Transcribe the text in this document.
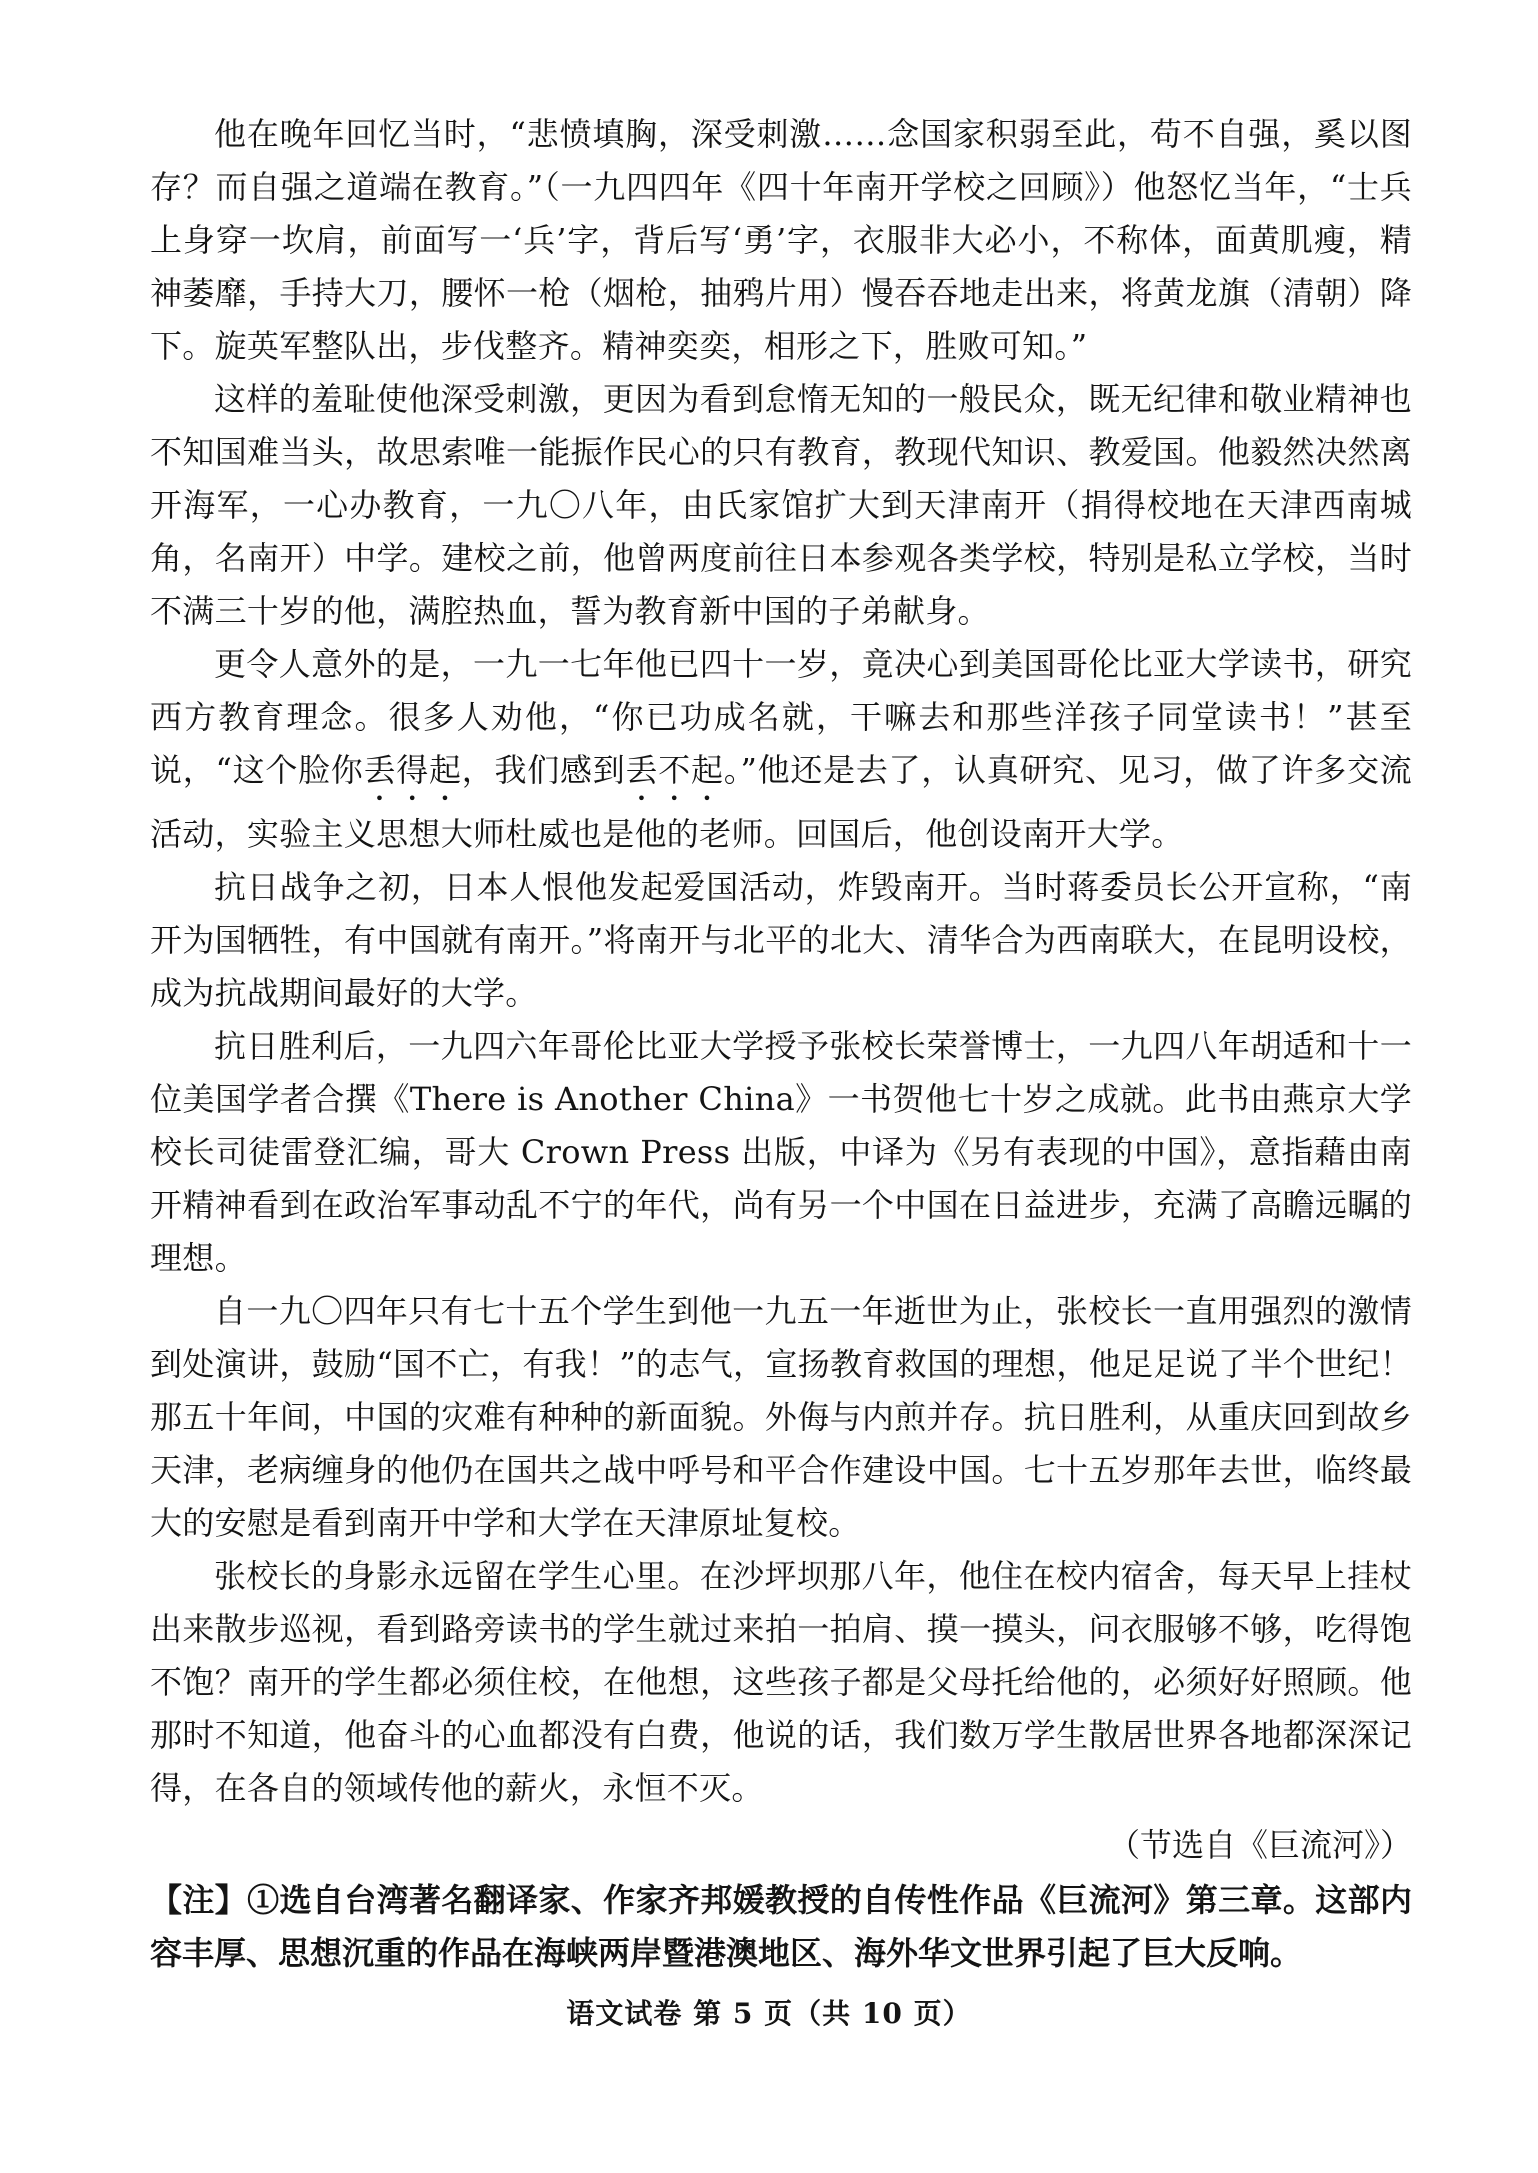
他在晚年回忆当时，“悲愤填胸，深受刺激……念国家积弱至此，苟不自强，奚以图存？而自强之道端在教育。”（一九四四年《四十年南开学校之回顾》）他怒忆当年，“士兵上身穿一坎肩，前面写一‘兵’字，背后写‘勇’字，衣服非大必小，不称体，面黄肌瘦，精神萎靡，手持大刀，腰怀一枪（烟枪，抽鸦片用）慢吞吞地走出来，将黄龙旗（清朝）降下。旋英军整队出，步伐整齐。精神奕奕，相形之下，胜败可知。”

这样的羞耻使他深受刺激，更因为看到怠惰无知的一般民众，既无纪律和敬业精神也不知国难当头，故思索唯一能振作民心的只有教育，教现代知识、教爱国。他毅然决然离开海军，一心办教育，一九〇八年，由氏家馆扩大到天津南开（捐得校地在天津西南城角，名南开）中学。建校之前，他曾两度前往日本参观各类学校，特别是私立学校，当时不满三十岁的他，满腔热血，誓为教育新中国的子弟献身。

更令人意外的是，一九一七年他已四十一岁，竟决心到美国哥伦比亚大学读书，研究西方教育理念。很多人劝他，“你已功成名就，干嘛去和那些洋孩子同堂读书！”甚至说，“这个脸你丢得起，我们感到丢不起。”他还是去了，认真研究、见习，做了许多交流活动，实验主义思想大师杜威也是他的老师。回国后，他创设南开大学。

抗日战争之初，日本人恨他发起爱国活动，炸毁南开。当时蒋委员长公开宣称，“南开为国牺牲，有中国就有南开。”将南开与北平的北大、清华合为西南联大，在昆明设校，成为抗战期间最好的大学。

抗日胜利后，一九四六年哥伦比亚大学授予张校长荣誉博士，一九四八年胡适和十一位美国学者合撰《There is Another China》一书贺他七十岁之成就。此书由燕京大学校长司徒雷登汇编，哥大 Crown Press 出版，中译为《另有表现的中国》，意指藉由南开精神看到在政治军事动乱不宁的年代，尚有另一个中国在日益进步，充满了高瞻远瞩的理想。

自一九〇四年只有七十五个学生到他一九五一年逝世为止，张校长一直用强烈的激情到处演讲，鼓励“国不亡，有我！”的志气，宣扬教育救国的理想，他足足说了半个世纪！那五十年间，中国的灾难有种种的新面貌。外侮与内煎并存。抗日胜利，从重庆回到故乡天津，老病缠身的他仍在国共之战中呼号和平合作建设中国。七十五岁那年去世，临终最大的安慰是看到南开中学和大学在天津原址复校。

张校长的身影永远留在学生心里。在沙坪坝那八年，他住在校内宿舍，每天早上挂杖出来散步巡视，看到路旁读书的学生就过来拍一拍肩、摸一摸头，问衣服够不够，吃得饱不饱？南开的学生都必须住校，在他想，这些孩子都是父母托给他的，必须好好照顾。他那时不知道，他奋斗的心血都没有白费，他说的话，我们数万学生散居世界各地都深深记得，在各自的领域传他的薪火，永恒不灭。

（节选自《巨流河》）

【注】①选自台湾著名翻译家、作家齐邦媛教授的自传性作品《巨流河》第三章。这部内容丰厚、思想沉重的作品在海峡两岸暨港澳地区、海外华文世界引起了巨大反响。

语文试卷 第 5 页（共 10 页）
